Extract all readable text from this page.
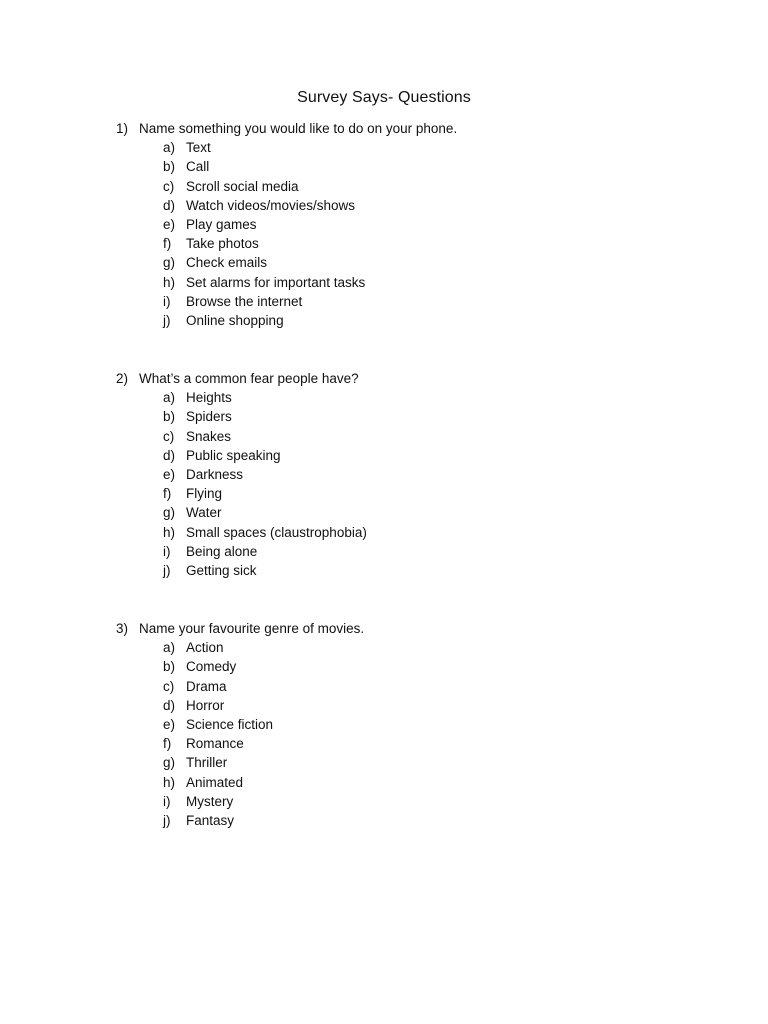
Survey Says- Questions
1) Name something you would like to do on your phone.
a) Text
b) Call
c) Scroll social media
d) Watch videos/movies/shows
e) Play games
f) Take photos
g) Check emails
h) Set alarms for important tasks
i) Browse the internet
j) Online shopping
2) What’s a common fear people have?
a) Heights
b) Spiders
c) Snakes
d) Public speaking
e) Darkness
f) Flying
g) Water
h) Small spaces (claustrophobia)
i) Being alone
j) Getting sick
3) Name your favourite genre of movies.
a) Action
b) Comedy
c) Drama
d) Horror
e) Science fiction
f) Romance
g) Thriller
h) Animated
i) Mystery
j) Fantasy
